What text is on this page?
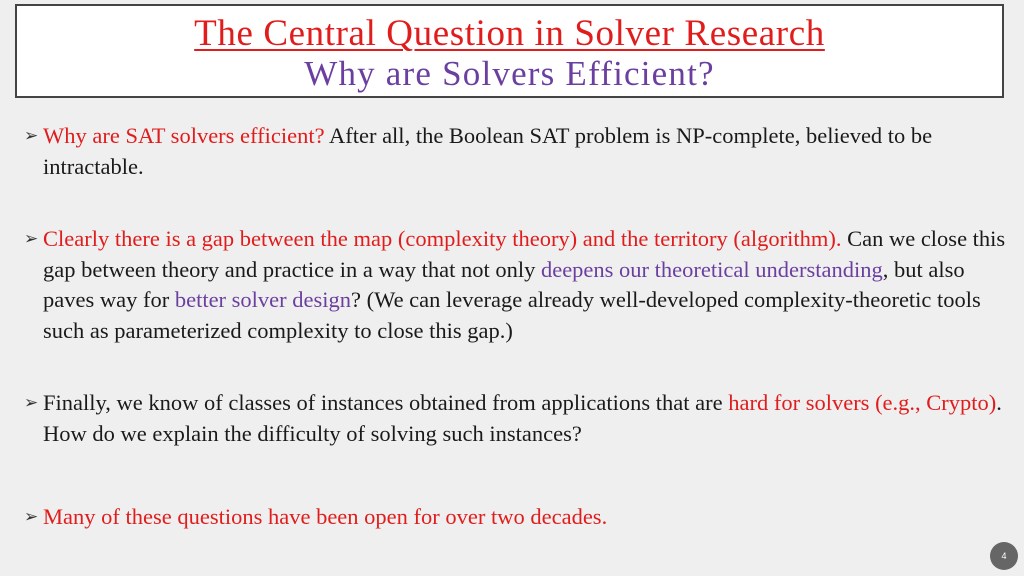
The Central Question in Solver Research
Why are Solvers Efficient?
➢ Why are SAT solvers efficient? After all, the Boolean SAT problem is NP-complete, believed to be intractable.
➢ Clearly there is a gap between the map (complexity theory) and the territory (algorithm). Can we close this gap between theory and practice in a way that not only deepens our theoretical understanding, but also paves way for better solver design? (We can leverage already well-developed complexity-theoretic tools such as parameterized complexity to close this gap.)
➢ Finally, we know of classes of instances obtained from applications that are hard for solvers (e.g., Crypto). How do we explain the difficulty of solving such instances?
➢ Many of these questions have been open for over two decades.
4
